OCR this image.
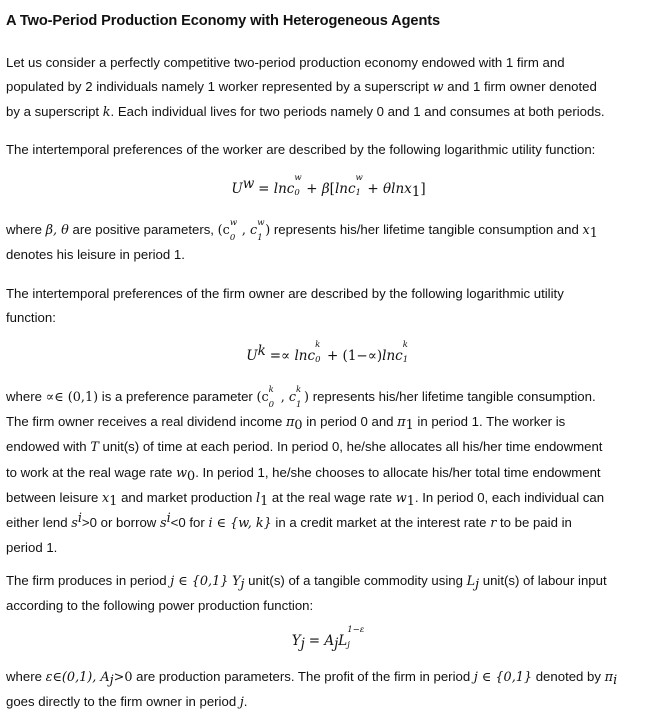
A Two-Period Production Economy with Heterogeneous Agents
Let us consider a perfectly competitive two-period production economy endowed with 1 firm and
populated by 2 individuals namely 1 worker represented by a superscript w and 1 firm owner denoted
by a superscript k. Each individual lives for two periods namely 0 and 1 and consumes at both periods.
The intertemporal preferences of the worker are described by the following logarithmic utility function:
$U^w = \ln c$
w
0 + β[lnc
w
1 + θlnx$_1$]
where β, θ are positive parameters, (c w
0 , c w
1 ) represents his/her lifetime tangible consumption and $x_1$
denotes his leisure in period 1.
The intertemporal preferences of the firm owner are described by the following logarithmic utility
function:
$U^k =\propto \ln c$
k
0 + (1−∝)lnc
k
1
where ∝∈ (0,1) is a preference parameter (c k
0 , c k
1 ) represents his/her lifetime tangible consumption.
The firm owner receives a real dividend income $\pi_0$ in period 0 and $\pi_1$ in period 1. The worker is
endowed with T unit(s) of time at each period. In period 0, he/she allocates all his/her time endowment
to work at the real wage rate $w_0$. In period 1, he/she chooses to allocate his/her total time endowment
between leisure $x_1$ and market production $l_1$ at the real wage rate $w_1$. In period 0, each individual can
either lend $s^i>0$ or borrow $s^i<0$ for i ∈ {w, k} in a credit market at the interest rate r to be paid in
period 1.
The firm produces in period j ∈ {0,1} $Y_j$ unit(s) of a tangible commodity using $L_j$ unit(s) of labour input
according to the following power production function:
$Y_j = A_jL$
1−ε
j
where ε∈(0,1), $A_j>0$ are production parameters. The profit of the firm in period j ∈ {0,1} denoted by $\pi_i$
goes directly to the firm owner in period j.
